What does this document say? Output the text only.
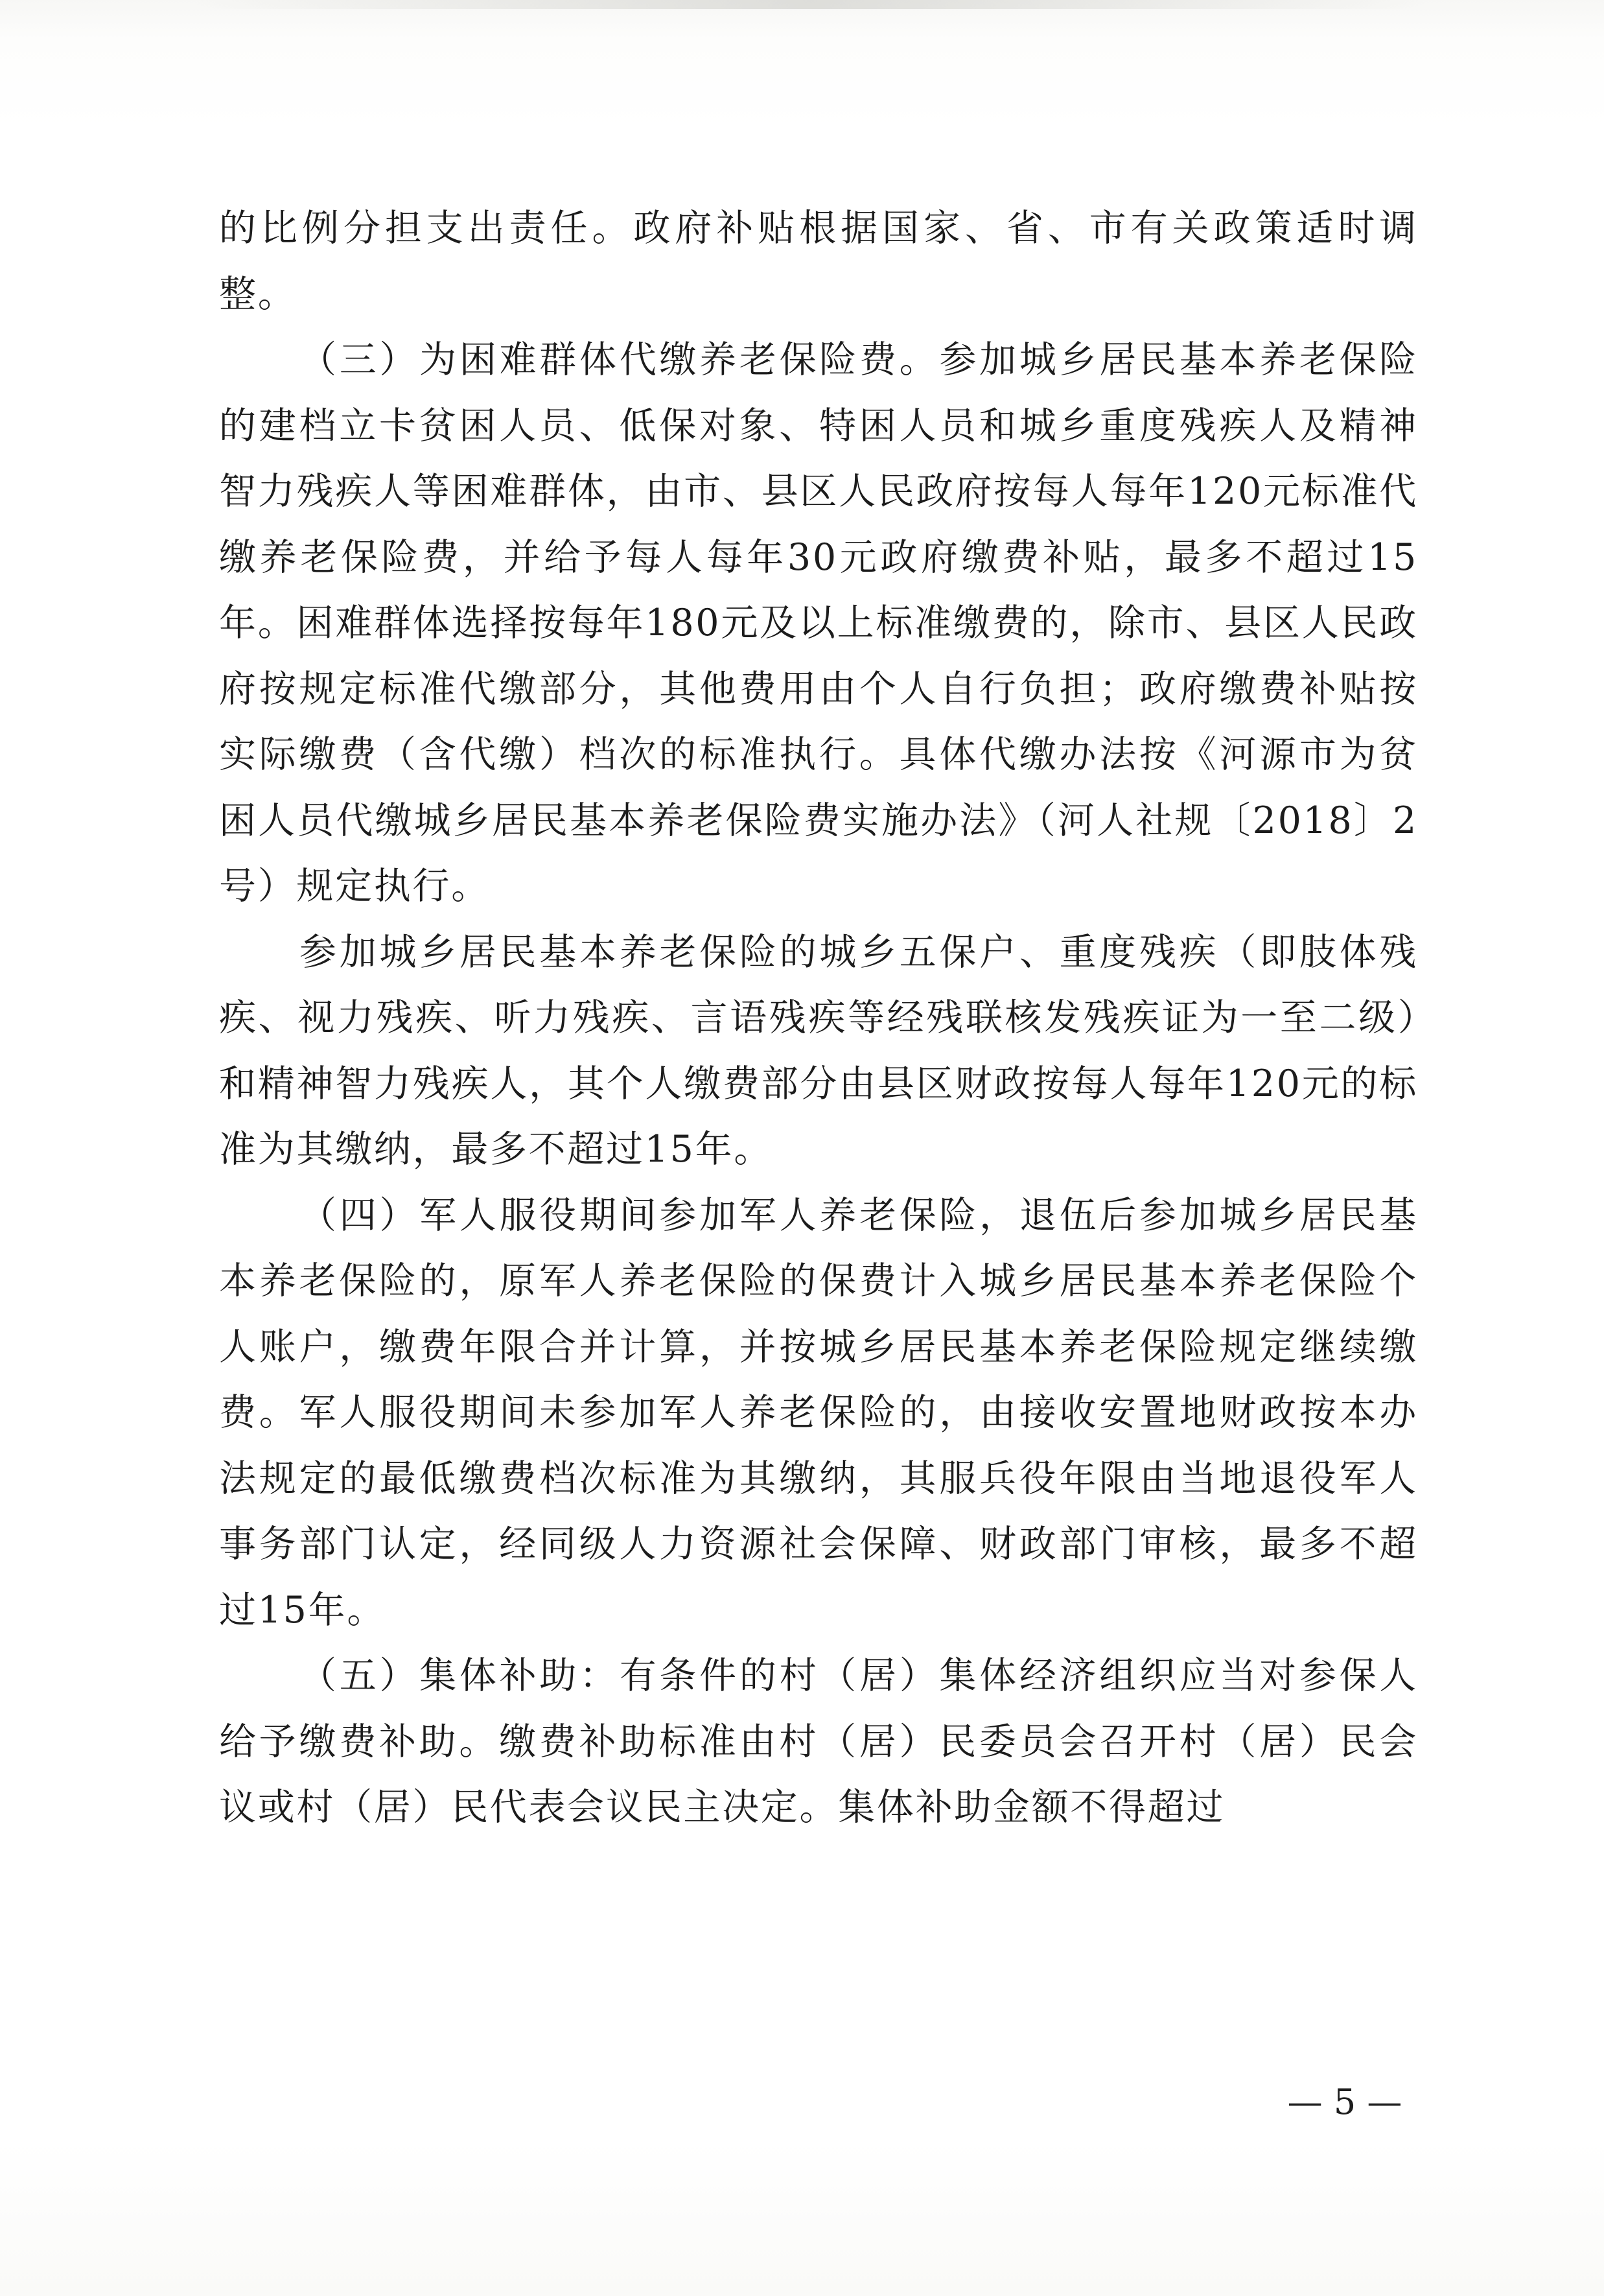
的比例分担支出责任。政府补贴根据国家、省、市有关政策适时调整。

（三）为困难群体代缴养老保险费。参加城乡居民基本养老保险的建档立卡贫困人员、低保对象、特困人员和城乡重度残疾人及精神智力残疾人等困难群体，由市、县区人民政府按每人每年120元标准代缴养老保险费，并给予每人每年30元政府缴费补贴，最多不超过15年。困难群体选择按每年180元及以上标准缴费的，除市、县区人民政府按规定标准代缴部分，其他费用由个人自行负担；政府缴费补贴按实际缴费（含代缴）档次的标准执行。具体代缴办法按《河源市为贫困人员代缴城乡居民基本养老保险费实施办法》（河人社规〔2018〕2号）规定执行。

参加城乡居民基本养老保险的城乡五保户、重度残疾（即肢体残疾、视力残疾、听力残疾、言语残疾等经残联核发残疾证为一至二级）和精神智力残疾人，其个人缴费部分由县区财政按每人每年120元的标准为其缴纳，最多不超过15年。

（四）军人服役期间参加军人养老保险，退伍后参加城乡居民基本养老保险的，原军人养老保险的保费计入城乡居民基本养老保险个人账户，缴费年限合并计算，并按城乡居民基本养老保险规定继续缴费。军人服役期间未参加军人养老保险的，由接收安置地财政按本办法规定的最低缴费档次标准为其缴纳，其服兵役年限由当地退役军人事务部门认定，经同级人力资源社会保障、财政部门审核，最多不超过15年。

（五）集体补助：有条件的村（居）集体经济组织应当对参保人给予缴费补助。缴费补助标准由村（居）民委员会召开村（居）民会议或村（居）民代表会议民主决定。集体补助金额不得超过

— 5 —
